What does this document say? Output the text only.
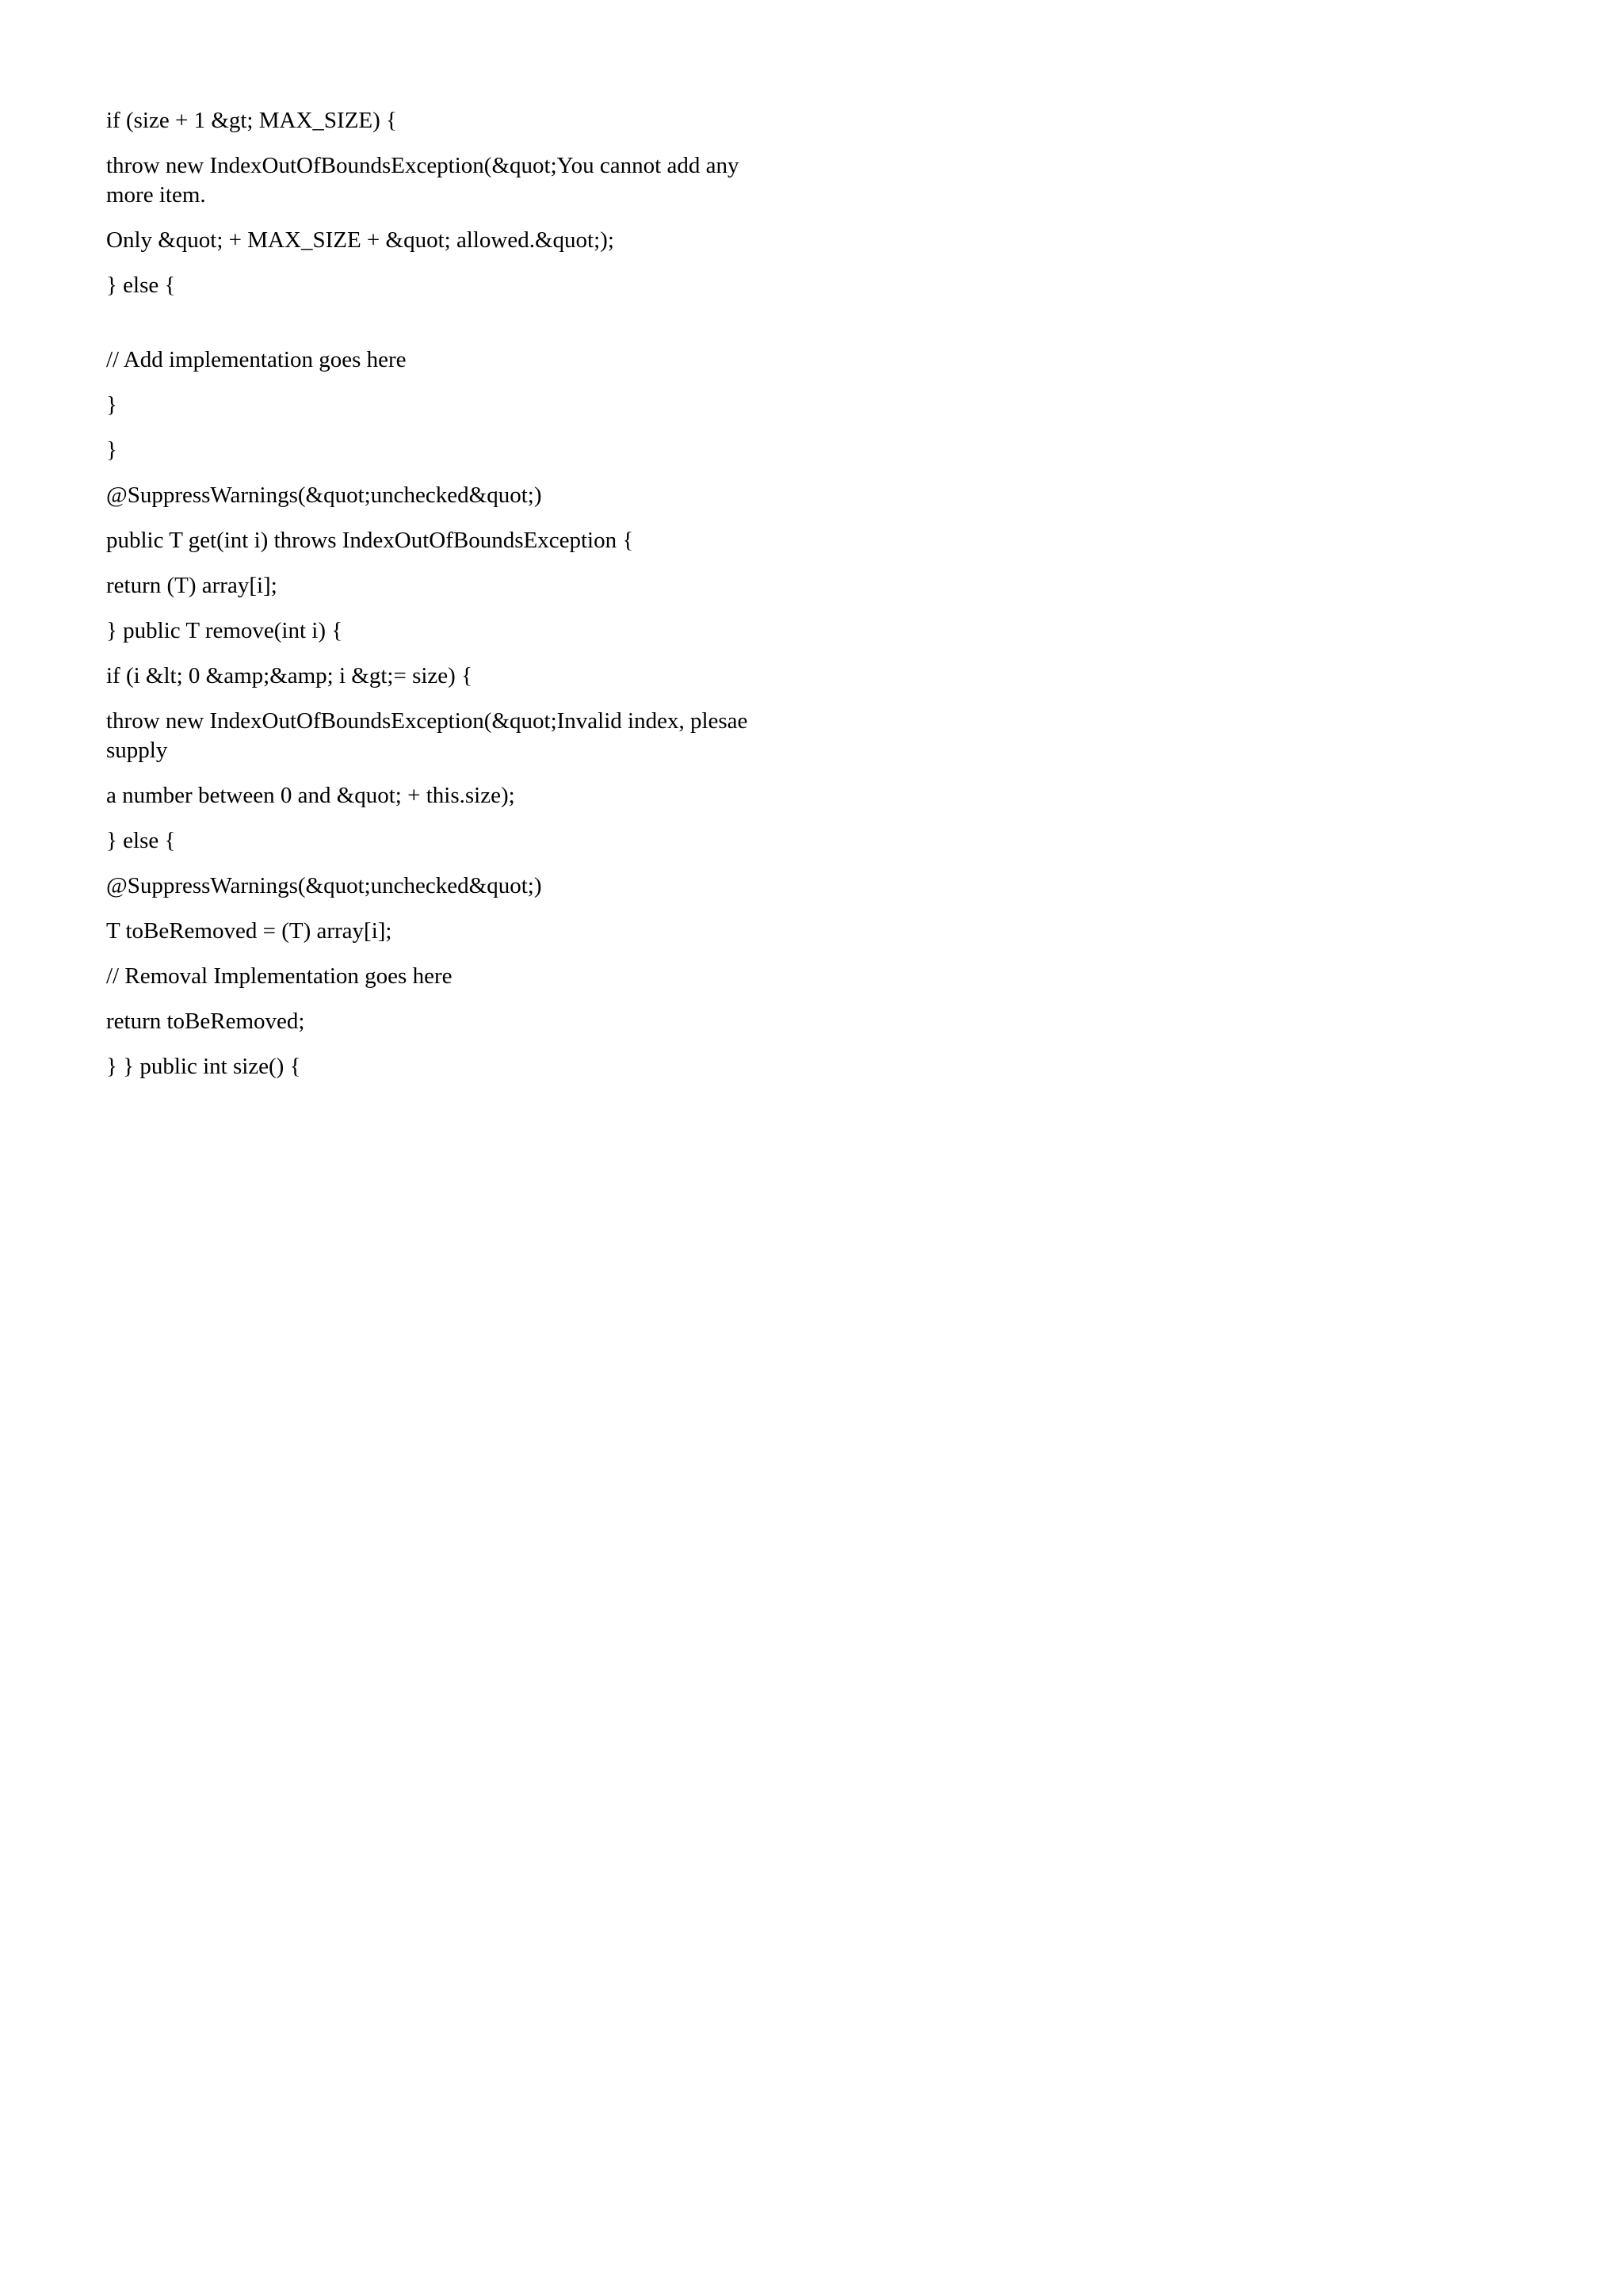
if (size + 1 &gt; MAX_SIZE) {
throw new IndexOutOfBoundsException(&quot;You cannot add any more item.
Only &quot; + MAX_SIZE + &quot; allowed.&quot;);
} else {
// Add implementation goes here
}
}
@SuppressWarnings(&quot;unchecked&quot;)
public T get(int i) throws IndexOutOfBoundsException {
return (T) array[i];
} public T remove(int i) {
if (i &lt; 0 &amp;&amp; i &gt;= size) {
throw new IndexOutOfBoundsException(&quot;Invalid index, plesae supply
a number between 0 and &quot; + this.size);
} else {
@SuppressWarnings(&quot;unchecked&quot;)
T toBeRemoved = (T) array[i];
// Removal Implementation goes here
return toBeRemoved;
} } public int size() {
